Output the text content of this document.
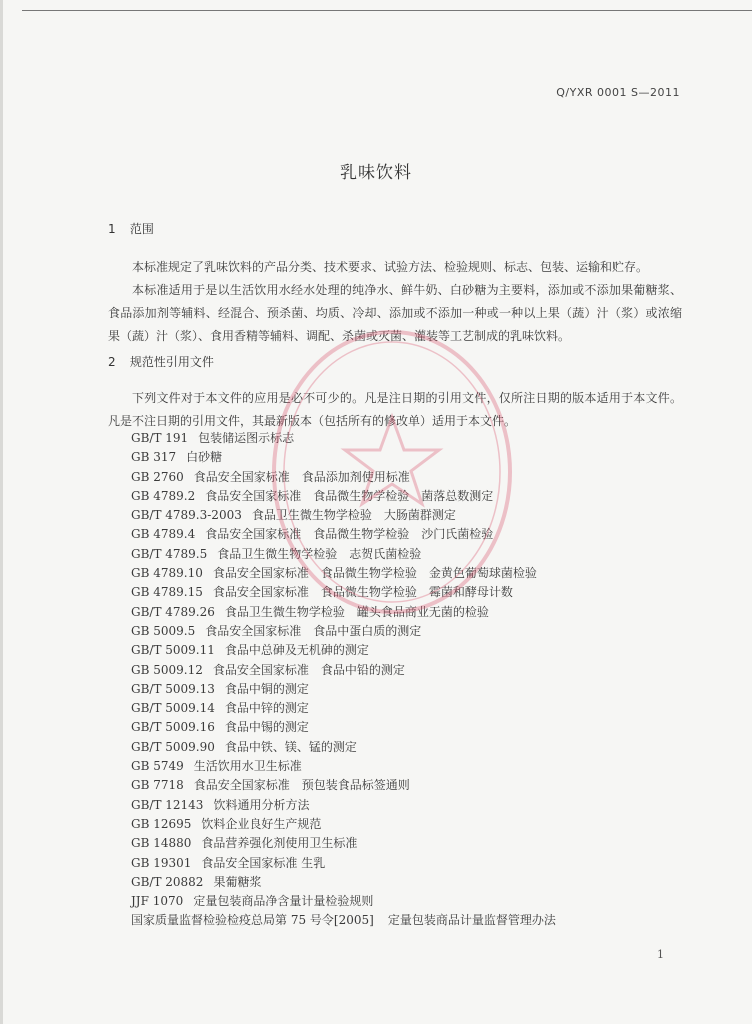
Q/YXR 0001 S—2011
乳味饮料
1 范围

本标准规定了乳味饮料的产品分类、技术要求、试验方法、检验规则、标志、包装、运输和贮存。

本标准适用于是以生活饮用水经水处理的纯净水、鲜牛奶、白砂糖为主要料，添加或不添加果葡糖浆、食品添加剂等辅料、经混合、预杀菌、均质、冷却、添加或不添加一种或一种以上果（蔬）汁（浆）或浓缩果（蔬）汁（浆）、食用香精等辅料、调配、杀菌或灭菌、灌装等工艺制成的乳味饮料。

2 规范性引用文件

下列文件对于本文件的应用是必不可少的。凡是注日期的引用文件，仅所注日期的版本适用于本文件。凡是不注日期的引用文件，其最新版本（包括所有的修改单）适用于本文件。

GB/T 191 包装储运图示标志
GB 317 白砂糖
GB 2760 食品安全国家标准　食品添加剂使用标准
GB 4789.2 食品安全国家标准　食品微生物学检验　菌落总数测定
GB/T 4789.3-2003 食品卫生微生物学检验　大肠菌群测定
GB 4789.4 食品安全国家标准　食品微生物学检验　沙门氏菌检验
GB/T 4789.5 食品卫生微生物学检验　志贺氏菌检验
GB 4789.10 食品安全国家标准　食品微生物学检验　金黄色葡萄球菌检验
GB 4789.15 食品安全国家标准　食品微生物学检验　霉菌和酵母计数
GB/T 4789.26 食品卫生微生物学检验　罐头食品商业无菌的检验
GB 5009.5 食品安全国家标准　食品中蛋白质的测定
GB/T 5009.11 食品中总砷及无机砷的测定
GB 5009.12 食品安全国家标准　食品中铅的测定
GB/T 5009.13 食品中铜的测定
GB/T 5009.14 食品中锌的测定
GB/T 5009.16 食品中锡的测定
GB/T 5009.90 食品中铁、镁、锰的测定
GB 5749 生活饮用水卫生标准
GB 7718 食品安全国家标准　预包装食品标签通则
GB/T 12143 饮料通用分析方法
GB 12695 饮料企业良好生产规范
GB 14880 食品营养强化剂使用卫生标准
GB 19301 食品安全国家标准 生乳
GB/T 20882 果葡糖浆
JJF 1070 定量包装商品净含量计量检验规则
国家质量监督检验检疫总局第 75 号令[2005] 定量包装商品计量监督管理办法
1
